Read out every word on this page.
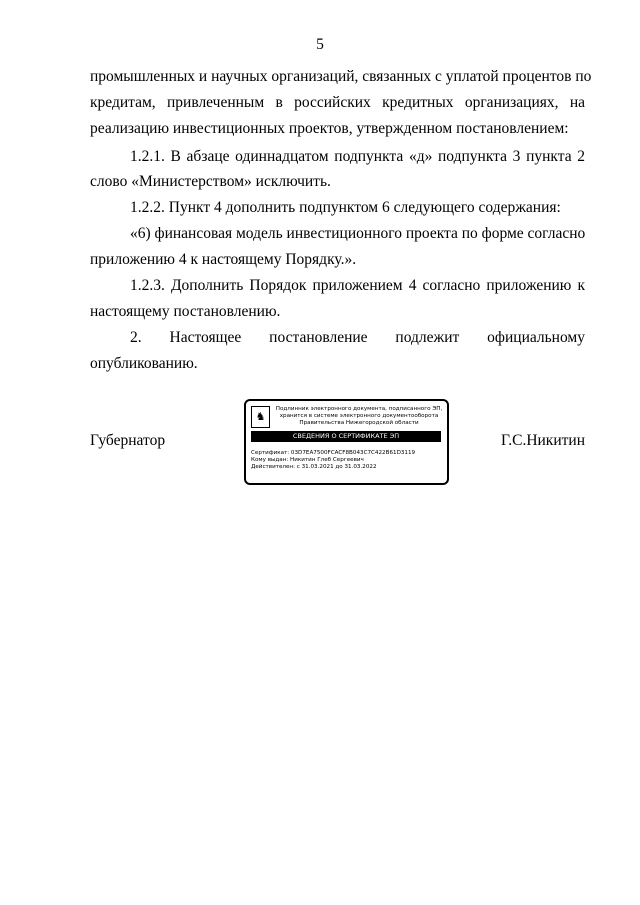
5
промышленных и научных организаций, связанных с уплатой процентов по
кредитам, привлеченным в российских кредитных организациях, на
реализацию инвестиционных проектов, утвержденном постановлением:
1.2.1. В абзаце одиннадцатом подпункта «д» подпункта 3 пункта 2
слово «Министерством» исключить.
1.2.2. Пункт 4 дополнить подпунктом 6 следующего содержания:
«6) финансовая модель инвестиционного проекта по форме согласно
приложению 4 к настоящему Порядку.».
1.2.3. Дополнить Порядок приложением 4 согласно приложению к
настоящему постановлению.
2. Настоящее постановление подлежит официальному
опубликованию.
Губернатор	Г.С.Никитин
♞
Подлинник электронного документа, подписанного ЭП, хранится в системе электронного документооборота Правительства Нижегородской области
СВЕДЕНИЯ О СЕРТИФИКАТЕ ЭП
Сертификат: 03D7EA7500FCACF8B043C7C422B61D3119
Кому выдан: Никитин Глеб Сергеевич
Действителен: с 31.03.2021 до 31.03.2022
